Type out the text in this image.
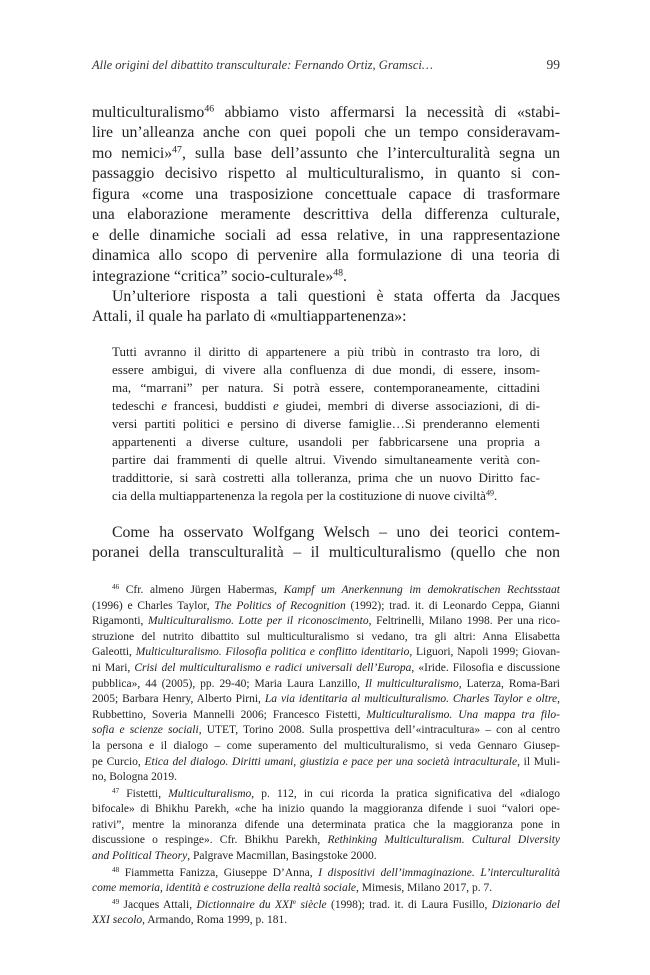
Alle origini del dibattito transculturale: Fernando Ortiz, Gramsci…	99
multiculturalismo$^{46}$ abbiamo visto affermarsi la necessità di «stabi-
lire un’alleanza anche con quei popoli che un tempo consideravam-
mo nemici»$^{47}$, sulla base dell’assunto che l’interculturalità segna un
passaggio decisivo rispetto al multiculturalismo, in quanto si con-
figura «come una trasposizione concettuale capace di trasformare
una elaborazione meramente descrittiva della differenza culturale,
e delle dinamiche sociali ad essa relative, in una rappresentazione
dinamica allo scopo di pervenire alla formulazione di una teoria di
integrazione “critica” socio-culturale»$^{48}$.
Un’ulteriore risposta a tali questioni è stata offerta da Jacques
Attali, il quale ha parlato di «multiappartenenza»:
Tutti avranno il diritto di appartenere a più tribù in contrasto tra loro, di
essere ambigui, di vivere alla confluenza di due mondi, di essere, insom-
ma, “marrani” per natura. Si potrà essere, contemporaneamente, cittadini
tedeschi e francesi, buddisti e giudei, membri di diverse associazioni, di di-
versi partiti politici e persino di diverse famiglie…Si prenderanno elementi
appartenenti a diverse culture, usandoli per fabbricarsene una propria a
partire dai frammenti di quelle altrui. Vivendo simultaneamente verità con-
traddittorie, si sarà costretti alla tolleranza, prima che un nuovo Diritto fac-
cia della multiappartenenza la regola per la costituzione di nuove civiltà$^{49}$.
Come ha osservato Wolfgang Welsch – uno dei teorici contem-
poranei della transculturalità – il multiculturalismo (quello che non
$^{46}$ Cfr. almeno Jürgen Habermas, Kampf um Anerkennung im demokratischen Rechtsstaat
(1996) e Charles Taylor, The Politics of Recognition (1992); trad. it. di Leonardo Ceppa, Gianni
Rigamonti, Multiculturalismo. Lotte per il riconoscimento, Feltrinelli, Milano 1998. Per una rico-
struzione del nutrito dibattito sul multiculturalismo si vedano, tra gli altri: Anna Elisabetta
Galeotti, Multiculturalismo. Filosofia politica e conflitto identitario, Liguori, Napoli 1999; Giovan-
ni Mari, Crisi del multiculturalismo e radici universali dell’Europa, «Iride. Filosofia e discussione
pubblica», 44 (2005), pp. 29-40; Maria Laura Lanzillo, Il multiculturalismo, Laterza, Roma-Bari
2005; Barbara Henry, Alberto Pirni, La via identitaria al multiculturalismo. Charles Taylor e oltre,
Rubbettino, Soveria Mannelli 2006; Francesco Fistetti, Multiculturalismo. Una mappa tra filo-
sofia e scienze sociali, UTET, Torino 2008. Sulla prospettiva dell’«intracultura» – con al centro
la persona e il dialogo – come superamento del multiculturalismo, si veda Gennaro Giusep-
pe Curcio, Etica del dialogo. Diritti umani, giustizia e pace per una società intraculturale, il Muli-
no, Bologna 2019.
$^{47}$ Fistetti, Multiculturalismo, p. 112, in cui ricorda la pratica significativa del «dialogo
bifocale» di Bhikhu Parekh, «che ha inizio quando la maggioranza difende i suoi “valori ope-
rativi”, mentre la minoranza difende una determinata pratica che la maggioranza pone in
discussione o respinge». Cfr. Bhikhu Parekh, Rethinking Multiculturalism. Cultural Diversity
and Political Theory, Palgrave Macmillan, Basingstoke 2000.
$^{48}$ Fiammetta Fanizza, Giuseppe D’Anna, I dispositivi dell’immaginazione. L’interculturalità
come memoria, identità e costruzione della realtà sociale, Mimesis, Milano 2017, p. 7.
$^{49}$ Jacques Attali, Dictionnaire du XXIe siècle (1998); trad. it. di Laura Fusillo, Dizionario del
XXI secolo, Armando, Roma 1999, p. 181.
